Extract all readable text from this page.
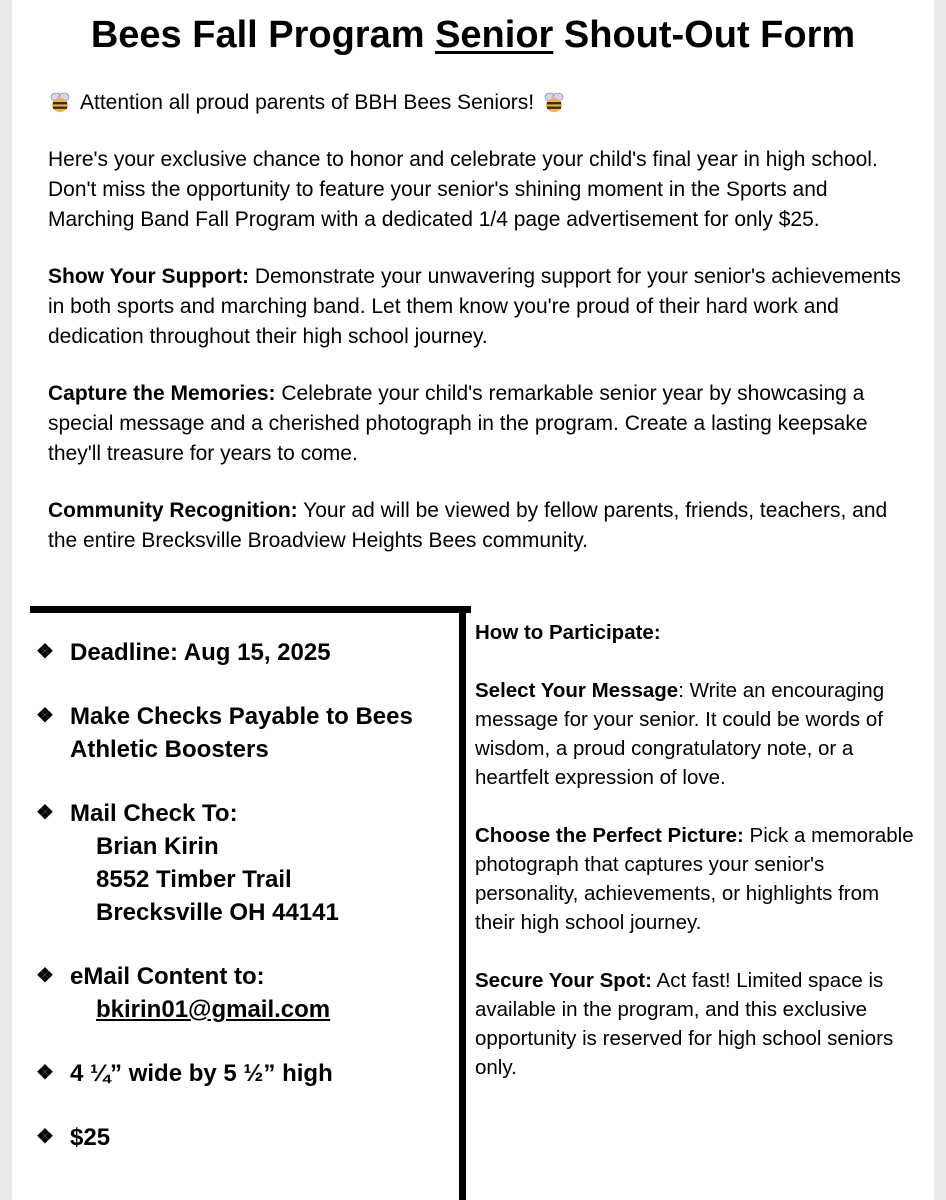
Bees Fall Program Senior Shout-Out Form
Attention all proud parents of BBH Bees Seniors!

Here's your exclusive chance to honor and celebrate your child's final year in high school. Don't miss the opportunity to feature your senior's shining moment in the Sports and Marching Band Fall Program with a dedicated 1/4 page advertisement for only $25.

Show Your Support: Demonstrate your unwavering support for your senior's achievements in both sports and marching band. Let them know you're proud of their hard work and dedication throughout their high school journey.

Capture the Memories: Celebrate your child's remarkable senior year by showcasing a special message and a cherished photograph in the program. Create a lasting keepsake they'll treasure for years to come.

Community Recognition: Your ad will be viewed by fellow parents, friends, teachers, and the entire Brecksville Broadview Heights Bees community.

❖ Deadline: Aug 15, 2025
❖ Make Checks Payable to Bees Athletic Boosters
❖ Mail Check To:
Brian Kirin
8552 Timber Trail
Brecksville OH 44141
❖ eMail Content to:
bkirin01@gmail.com
❖ 4 ¼” wide by 5 ½” high
❖ $25

How to Participate:

Select Your Message: Write an encouraging message for your senior. It could be words of wisdom, a proud congratulatory note, or a heartfelt expression of love.

Choose the Perfect Picture: Pick a memorable photograph that captures your senior's personality, achievements, or highlights from their high school journey.

Secure Your Spot: Act fast! Limited space is available in the program, and this exclusive opportunity is reserved for high school seniors only.
